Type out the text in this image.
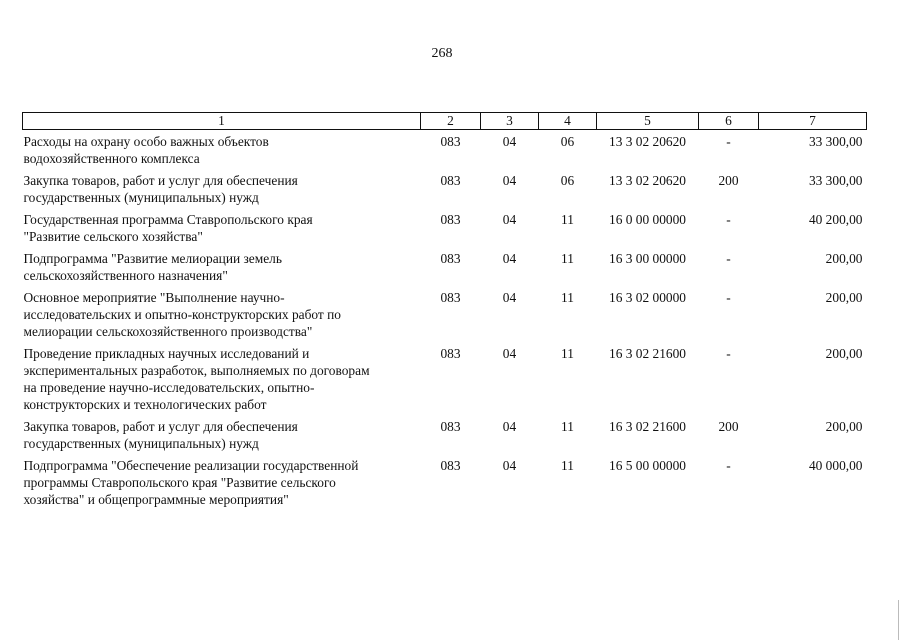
268
1	2	3	4	5	6	7
Расходы на охрану особо важных объектов
водохозяйственного комплекса	083	04	06	13 3 02 20620	-	33 300,00
Закупка товаров, работ и услуг для обеспечения
государственных (муниципальных) нужд	083	04	06	13 3 02 20620	200	33 300,00
Государственная программа Ставропольского края
"Развитие сельского хозяйства"	083	04	11	16 0 00 00000	-	40 200,00
Подпрограмма "Развитие мелиорации земель
сельскохозяйственного назначения"	083	04	11	16 3 00 00000	-	200,00
Основное мероприятие "Выполнение научно-
исследовательских и опытно-конструкторских работ по
мелиорации сельскохозяйственного производства"	083	04	11	16 3 02 00000	-	200,00
Проведение прикладных научных исследований и
экспериментальных разработок, выполняемых по договорам
на проведение научно-исследовательских, опытно-
конструкторских и технологических работ	083	04	11	16 3 02 21600	-	200,00
Закупка товаров, работ и услуг для обеспечения
государственных (муниципальных) нужд	083	04	11	16 3 02 21600	200	200,00
Подпрограмма "Обеспечение реализации государственной
программы Ставропольского края "Развитие сельского
хозяйства" и общепрограммные мероприятия"	083	04	11	16 5 00 00000	-	40 000,00
